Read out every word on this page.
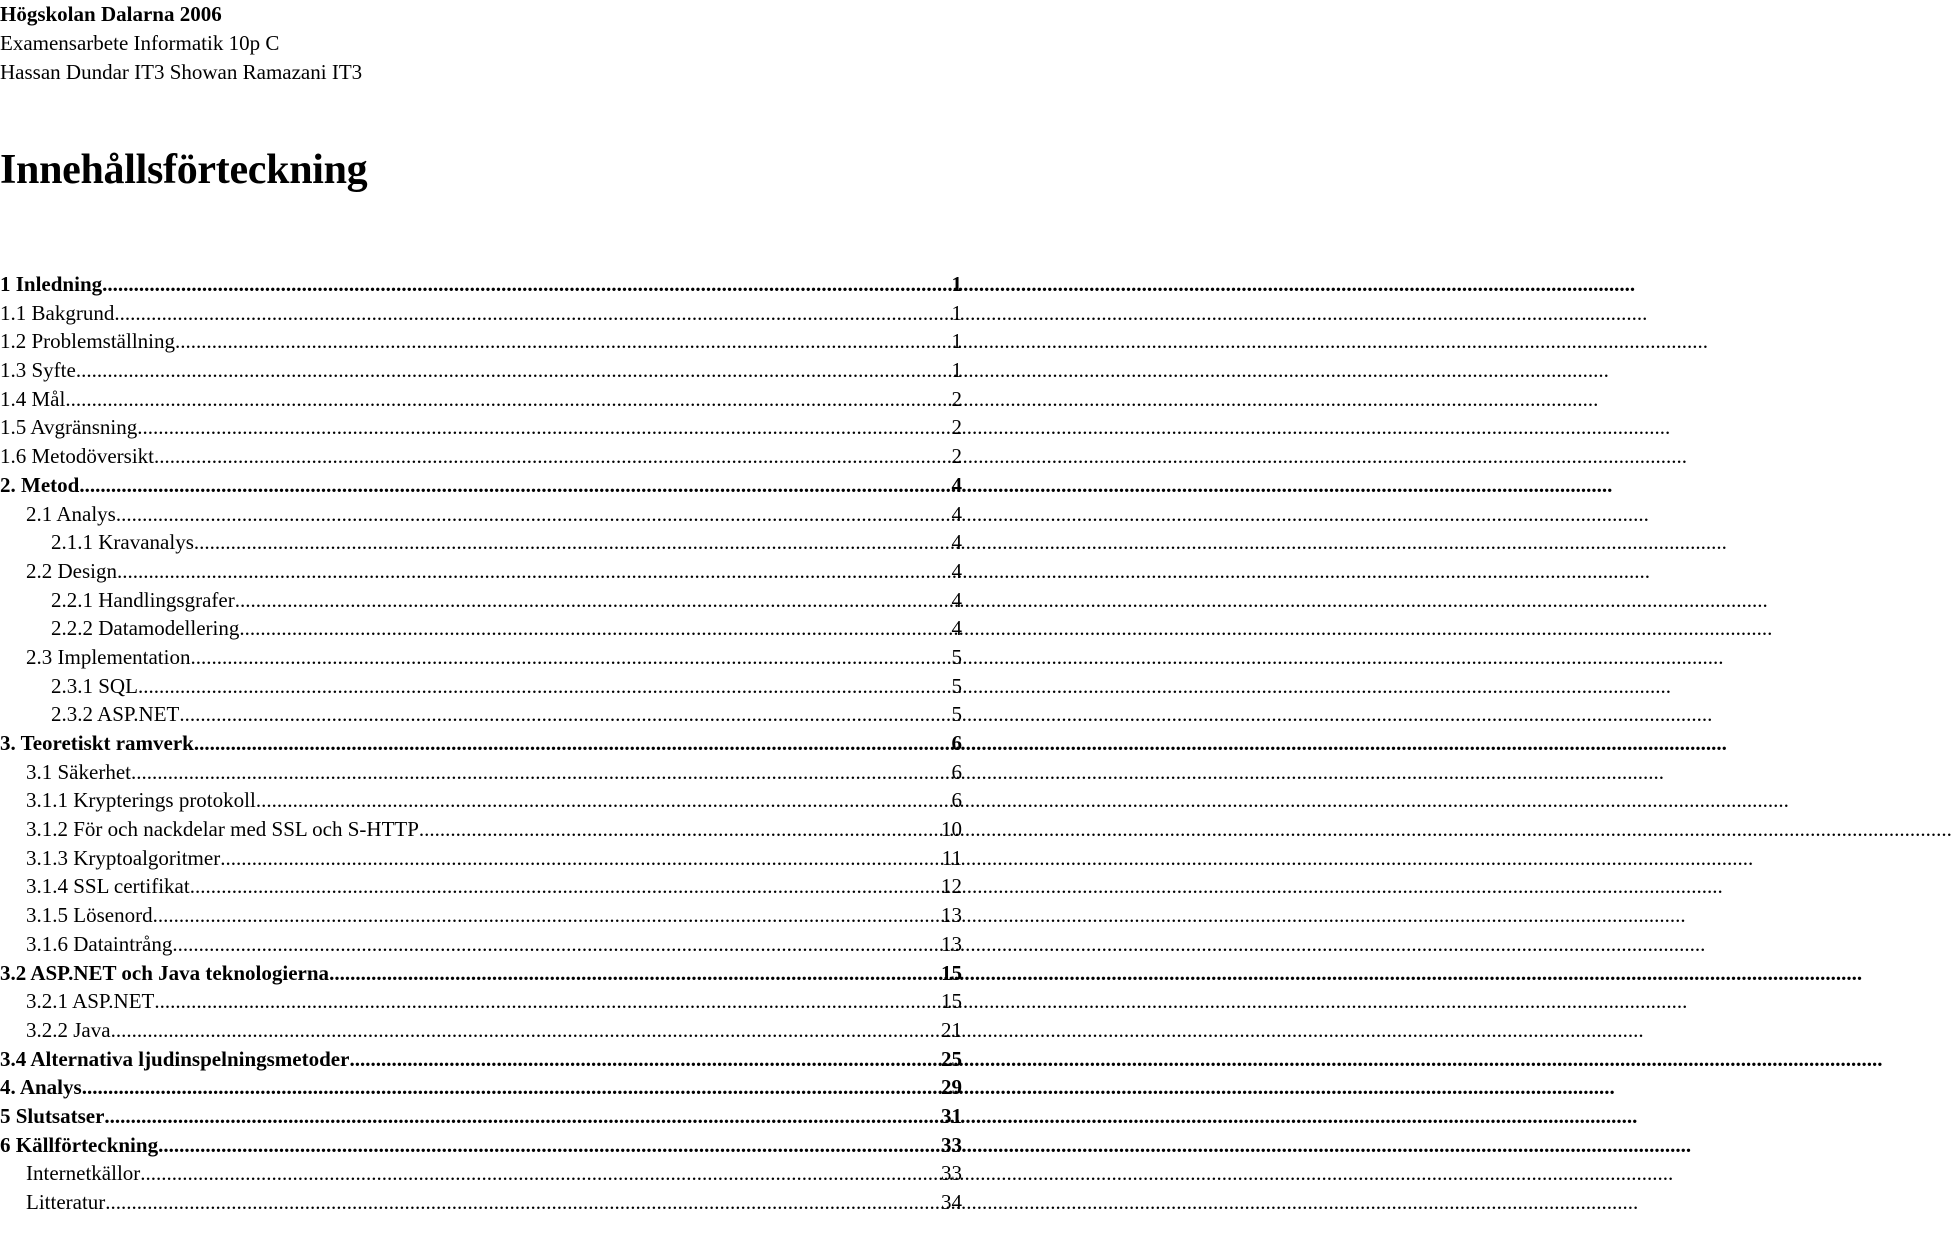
Högskolan Dalarna 2006
Examensarbete Informatik 10p C
Hassan Dundar IT3 Showan Ramazani IT3
Innehållsförteckning
1 Inledning .....	1
1.1 Bakgrund .....	1
1.2 Problemställning .....	1
1.3 Syfte .....	1
1.4 Mål .....	2
1.5 Avgränsning .....	2
1.6 Metodöversikt .....	2
2. Metod .....	4
2.1 Analys .....	4
2.1.1 Kravanalys .....	4
2.2 Design .....	4
2.2.1 Handlingsgrafer .....	4
2.2.2 Datamodellering .....	4
2.3 Implementation .....	5
2.3.1 SQL .....	5
2.3.2 ASP.NET .....	5
3. Teoretiskt ramverk .....	6
3.1 Säkerhet .....	6
3.1.1 Krypterings protokoll .....	6
3.1.2 För och nackdelar med SSL och S-HTTP .....	10
3.1.3 Kryptoalgoritmer .....	11
3.1.4 SSL certifikat .....	12
3.1.5 Lösenord .....	13
3.1.6 Dataintrång .....	13
3.2 ASP.NET och Java teknologierna .....	15
3.2.1 ASP.NET .....	15
3.2.2 Java .....	21
3.4 Alternativa ljudinspelningsmetoder .....	25
4. Analys .....	29
5 Slutsatser .....	31
6 Källförteckning .....	33
Internetkällor .....	33
Litteratur .....	34
